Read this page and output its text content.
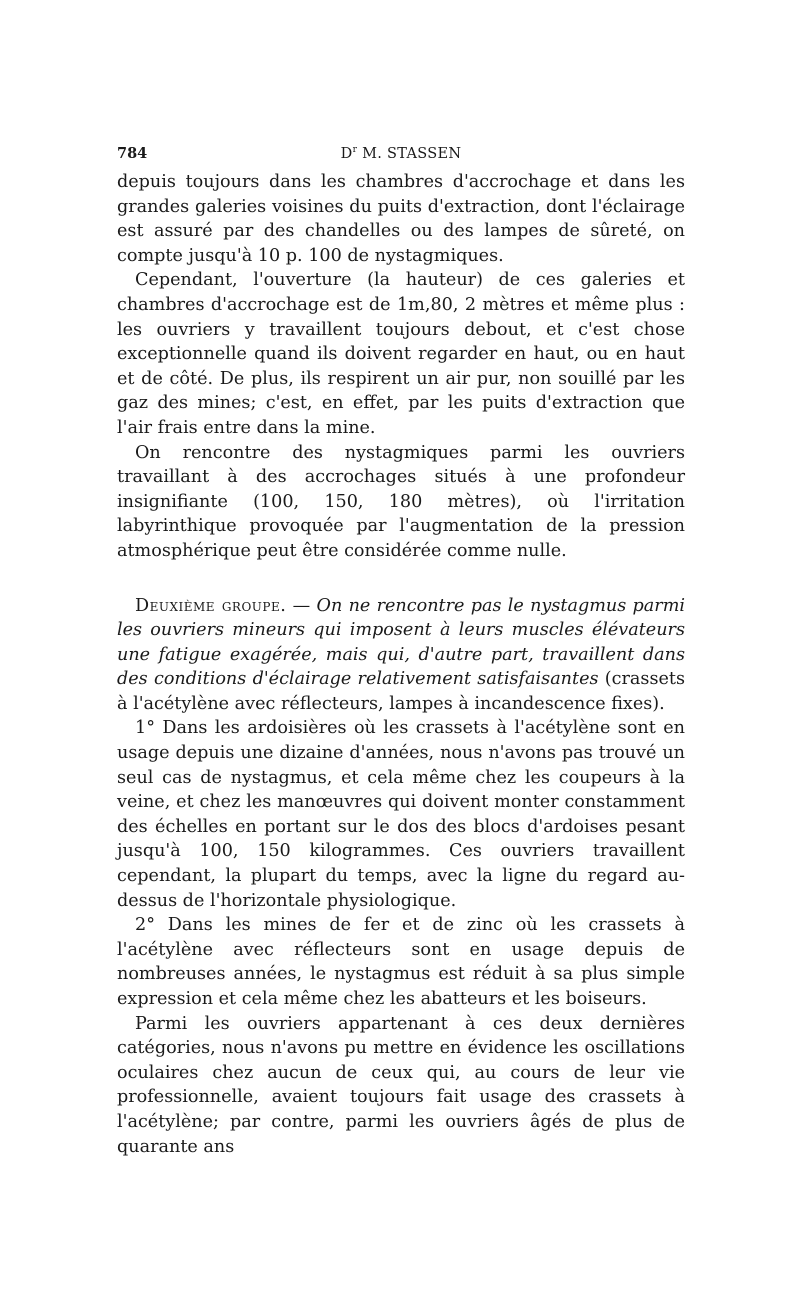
784	$D^r$ M. STASSEN

depuis toujours dans les chambres d'accrochage et dans les grandes galeries voisines du puits d'extraction, dont l'éclairage est assuré par des chandelles ou des lampes de sûreté, on compte jusqu'à 10 p. 100 de nystagmiques.

Cependant, l'ouverture (la hauteur) de ces galeries et chambres d'accrochage est de 1m,80, 2 mètres et même plus : les ouvriers y travaillent toujours debout, et c'est chose exceptionnelle quand ils doivent regarder en haut, ou en haut et de côté. De plus, ils respirent un air pur, non souillé par les gaz des mines; c'est, en effet, par les puits d'extraction que l'air frais entre dans la mine.

On rencontre des nystagmiques parmi les ouvriers travaillant à des accrochages situés à une profondeur insignifiante (100, 150, 180 mètres), où l'irritation labyrinthique provoquée par l'augmentation de la pression atmosphérique peut être considérée comme nulle.

Deuxième groupe. — On ne rencontre pas le nystagmus parmi les ouvriers mineurs qui imposent à leurs muscles élévateurs une fatigue exagérée, mais qui, d'autre part, travaillent dans des conditions d'éclairage relativement satisfaisantes (crassets à l'acétylène avec réflecteurs, lampes à incandescence fixes).

1° Dans les ardoisières où les crassets à l'acétylène sont en usage depuis une dizaine d'années, nous n'avons pas trouvé un seul cas de nystagmus, et cela même chez les coupeurs à la veine, et chez les manœuvres qui doivent monter constamment des échelles en portant sur le dos des blocs d'ardoises pesant jusqu'à 100, 150 kilogrammes. Ces ouvriers travaillent cependant, la plupart du temps, avec la ligne du regard au-dessus de l'horizontale physiologique.

2° Dans les mines de fer et de zinc où les crassets à l'acétylène avec réflecteurs sont en usage depuis de nombreuses années, le nystagmus est réduit à sa plus simple expression et cela même chez les abatteurs et les boiseurs.

Parmi les ouvriers appartenant à ces deux dernières catégories, nous n'avons pu mettre en évidence les oscillations oculaires chez aucun de ceux qui, au cours de leur vie professionnelle, avaient toujours fait usage des crassets à l'acétylène; par contre, parmi les ouvriers âgés de plus de quarante ans
